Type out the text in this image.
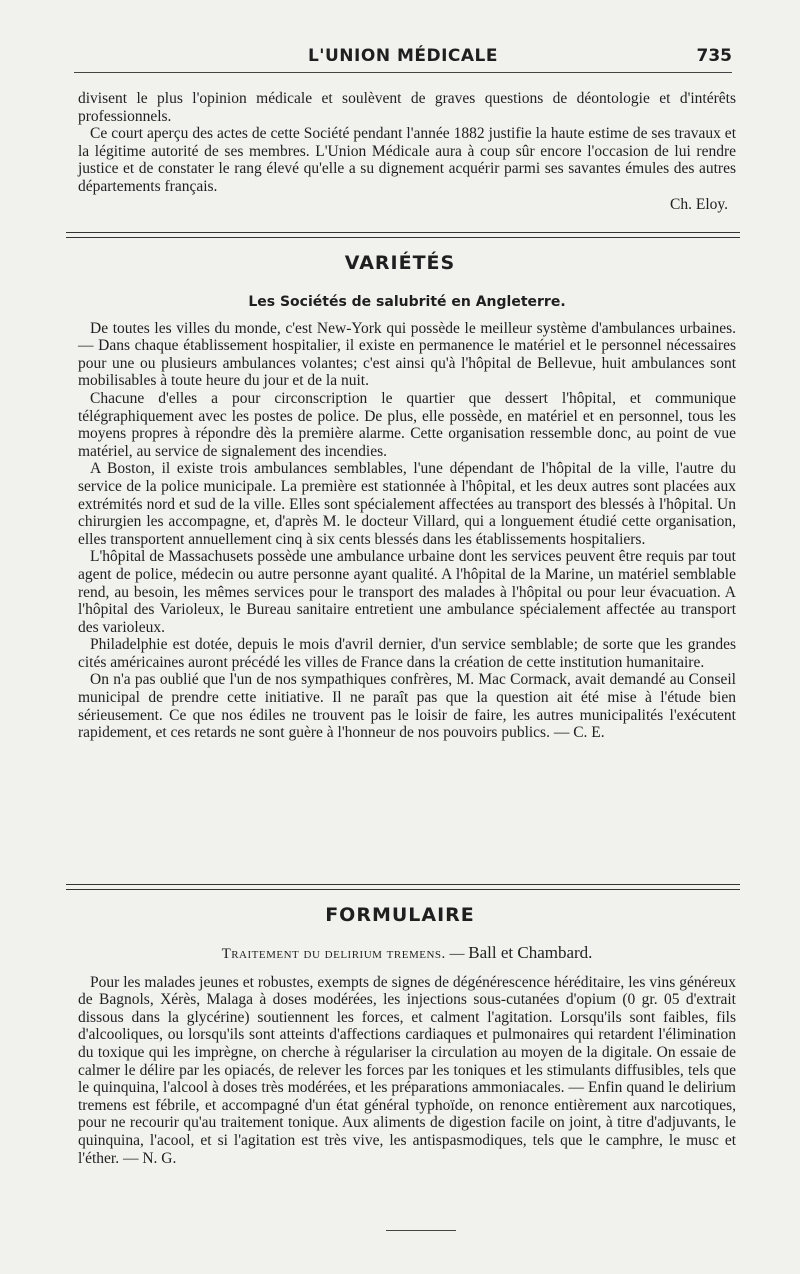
L'UNION MÉDICALE	735

divisent le plus l'opinion médicale et soulèvent de graves questions de déontologie et d'intérêts professionnels.

Ce court aperçu des actes de cette Société pendant l'année 1882 justifie la haute estime de ses travaux et la légitime autorité de ses membres. L'Union Médicale aura à coup sûr encore l'occasion de lui rendre justice et de constater le rang élevé qu'elle a su dignement acquérir parmi ses savantes émules des autres départements français.

Ch. Eloy.

VARIÉTÉS
Les Sociétés de salubrité en Angleterre.

De toutes les villes du monde, c'est New-York qui possède le meilleur système d'ambulances urbaines. — Dans chaque établissement hospitalier, il existe en permanence le matériel et le personnel nécessaires pour une ou plusieurs ambulances volantes; c'est ainsi qu'à l'hôpital de Bellevue, huit ambulances sont mobilisables à toute heure du jour et de la nuit.

Chacune d'elles a pour circonscription le quartier que dessert l'hôpital, et communique télégraphiquement avec les postes de police. De plus, elle possède, en matériel et en personnel, tous les moyens propres à répondre dès la première alarme. Cette organisation ressemble donc, au point de vue matériel, au service de signalement des incendies.

A Boston, il existe trois ambulances semblables, l'une dépendant de l'hôpital de la ville, l'autre du service de la police municipale. La première est stationnée à l'hôpital, et les deux autres sont placées aux extrémités nord et sud de la ville. Elles sont spécialement affectées au transport des blessés à l'hôpital. Un chirurgien les accompagne, et, d'après M. le docteur Villard, qui a longuement étudié cette organisation, elles transportent annuellement cinq à six cents blessés dans les établissements hospitaliers.

L'hôpital de Massachusets possède une ambulance urbaine dont les services peuvent être requis par tout agent de police, médecin ou autre personne ayant qualité. A l'hôpital de la Marine, un matériel semblable rend, au besoin, les mêmes services pour le transport des malades à l'hôpital ou pour leur évacuation. A l'hôpital des Varioleux, le Bureau sanitaire entretient une ambulance spécialement affectée au transport des varioleux.

Philadelphie est dotée, depuis le mois d'avril dernier, d'un service semblable; de sorte que les grandes cités américaines auront précédé les villes de France dans la création de cette institution humanitaire.

On n'a pas oublié que l'un de nos sympathiques confrères, M. Mac Cormack, avait demandé au Conseil municipal de prendre cette initiative. Il ne paraît pas que la question ait été mise à l'étude bien sérieusement. Ce que nos édiles ne trouvent pas le loisir de faire, les autres municipalités l'exécutent rapidement, et ces retards ne sont guère à l'honneur de nos pouvoirs publics. — C. E.

FORMULAIRE
Traitement du delirium tremens. — Ball et Chambard.

Pour les malades jeunes et robustes, exempts de signes de dégénérescence héréditaire, les vins généreux de Bagnols, Xérès, Malaga à doses modérées, les injections sous-cutanées d'opium (0 gr. 05 d'extrait dissous dans la glycérine) soutiennent les forces, et calment l'agitation. Lorsqu'ils sont faibles, fils d'alcooliques, ou lorsqu'ils sont atteints d'affections cardiaques et pulmonaires qui retardent l'élimination du toxique qui les imprègne, on cherche à régulariser la circulation au moyen de la digitale. On essaie de calmer le délire par les opiacés, de relever les forces par les toniques et les stimulants diffusibles, tels que le quinquina, l'alcool à doses très modérées, et les préparations ammoniacales. — Enfin quand le delirium tremens est fébrile, et accompagné d'un état général typhoïde, on renonce entièrement aux narcotiques, pour ne recourir qu'au traitement tonique. Aux aliments de digestion facile on joint, à titre d'adjuvants, le quinquina, l'acool, et si l'agitation est très vive, les antispasmodiques, tels que le camphre, le musc et l'éther. — N. G.
